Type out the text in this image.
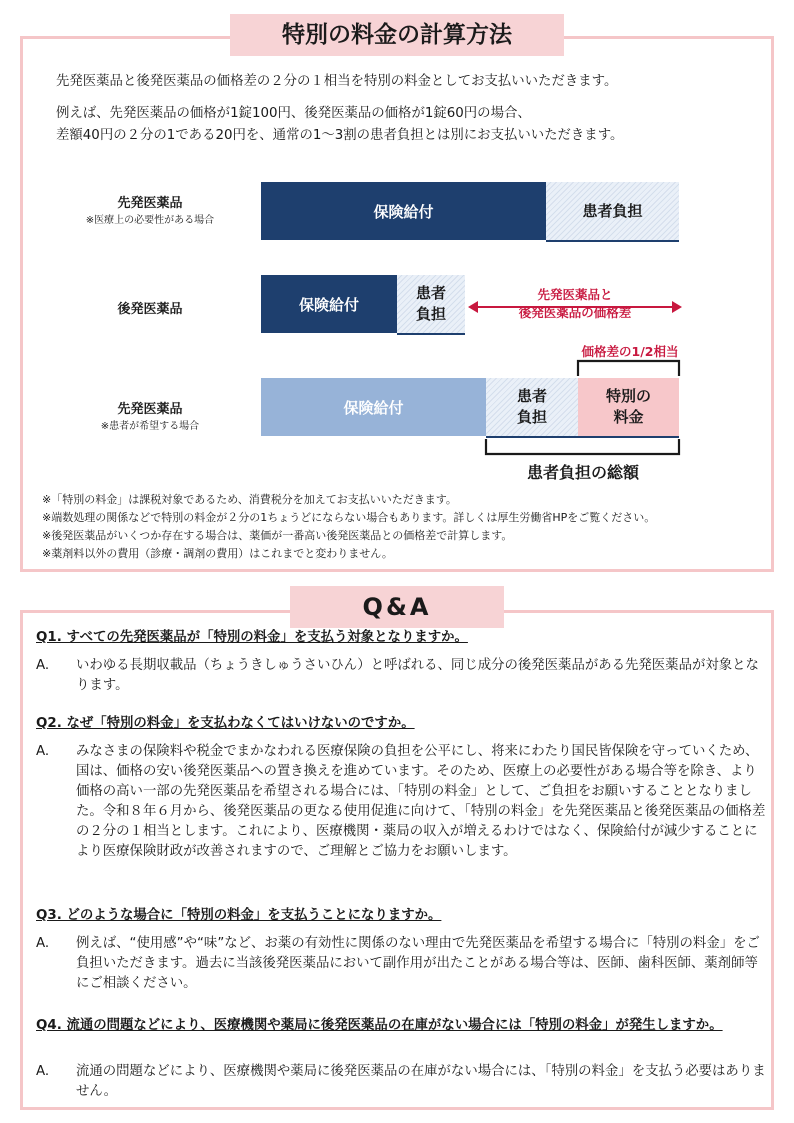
特別の料金の計算方法
先発医薬品と後発医薬品の価格差の２分の１相当を特別の料金としてお支払いいただきます。
例えば、先発医薬品の価格が1錠100円、後発医薬品の価格が1錠60円の場合、
差額40円の２分の1である20円を、通常の1～3割の患者負担とは別にお支払いいただきます。
先発医薬品
※医療上の必要性がある場合	保険給付	患者負担
後発医薬品	保険給付
患者
負担
先発医薬品と
後発医薬品の価格差
価格差の1/2相当
先発医薬品
※患者が希望する場合
保険給付
患者
負担
特別の
料金
患者負担の総額
※「特別の料金」は課税対象であるため、消費税分を加えてお支払いいただきます。
※端数処理の関係などで特別の料金が２分の1ちょうどにならない場合もあります。詳しくは厚生労働省HPをご覧ください。
※後発医薬品がいくつか存在する場合は、薬価が一番高い後発医薬品との価格差で計算します。
※薬剤料以外の費用（診療・調剤の費用）はこれまでと変わりません。
Q&A
Q1. すべての先発医薬品が「特別の料金」を支払う対象となりますか。
A. いわゆる長期収載品（ちょうきしゅうさいひん）と呼ばれる、同じ成分の後発医薬品がある先発医薬品が対象となります。
Q2. なぜ「特別の料金」を支払わなくてはいけないのですか。
A. みなさまの保険料や税金でまかなわれる医療保険の負担を公平にし、将来にわたり国民皆保険を守っていくため、国は、価格の安い後発医薬品への置き換えを進めています。そのため、医療上の必要性がある場合等を除き、より価格の高い一部の先発医薬品を希望される場合には、「特別の料金」として、ご負担をお願いすることとなりました。令和８年６月から、後発医薬品の更なる使用促進に向けて、「特別の料金」を先発医薬品と後発医薬品の価格差の２分の１相当とします。これにより、医療機関・薬局の収入が増えるわけではなく、保険給付が減少することにより医療保険財政が改善されますので、ご理解とご協力をお願いします。
Q3. どのような場合に「特別の料金」を支払うことになりますか。
A. 例えば、“使用感”や“味”など、お薬の有効性に関係のない理由で先発医薬品を希望する場合に「特別の料金」をご負担いただきます。過去に当該後発医薬品において副作用が出たことがある場合等は、医師、歯科医師、薬剤師等にご相談ください。
Q4. 流通の問題などにより、医療機関や薬局に後発医薬品の在庫がない場合には「特別の料金」が発生しますか。
A. 流通の問題などにより、医療機関や薬局に後発医薬品の在庫がない場合には、「特別の料金」を支払う必要はありません。
